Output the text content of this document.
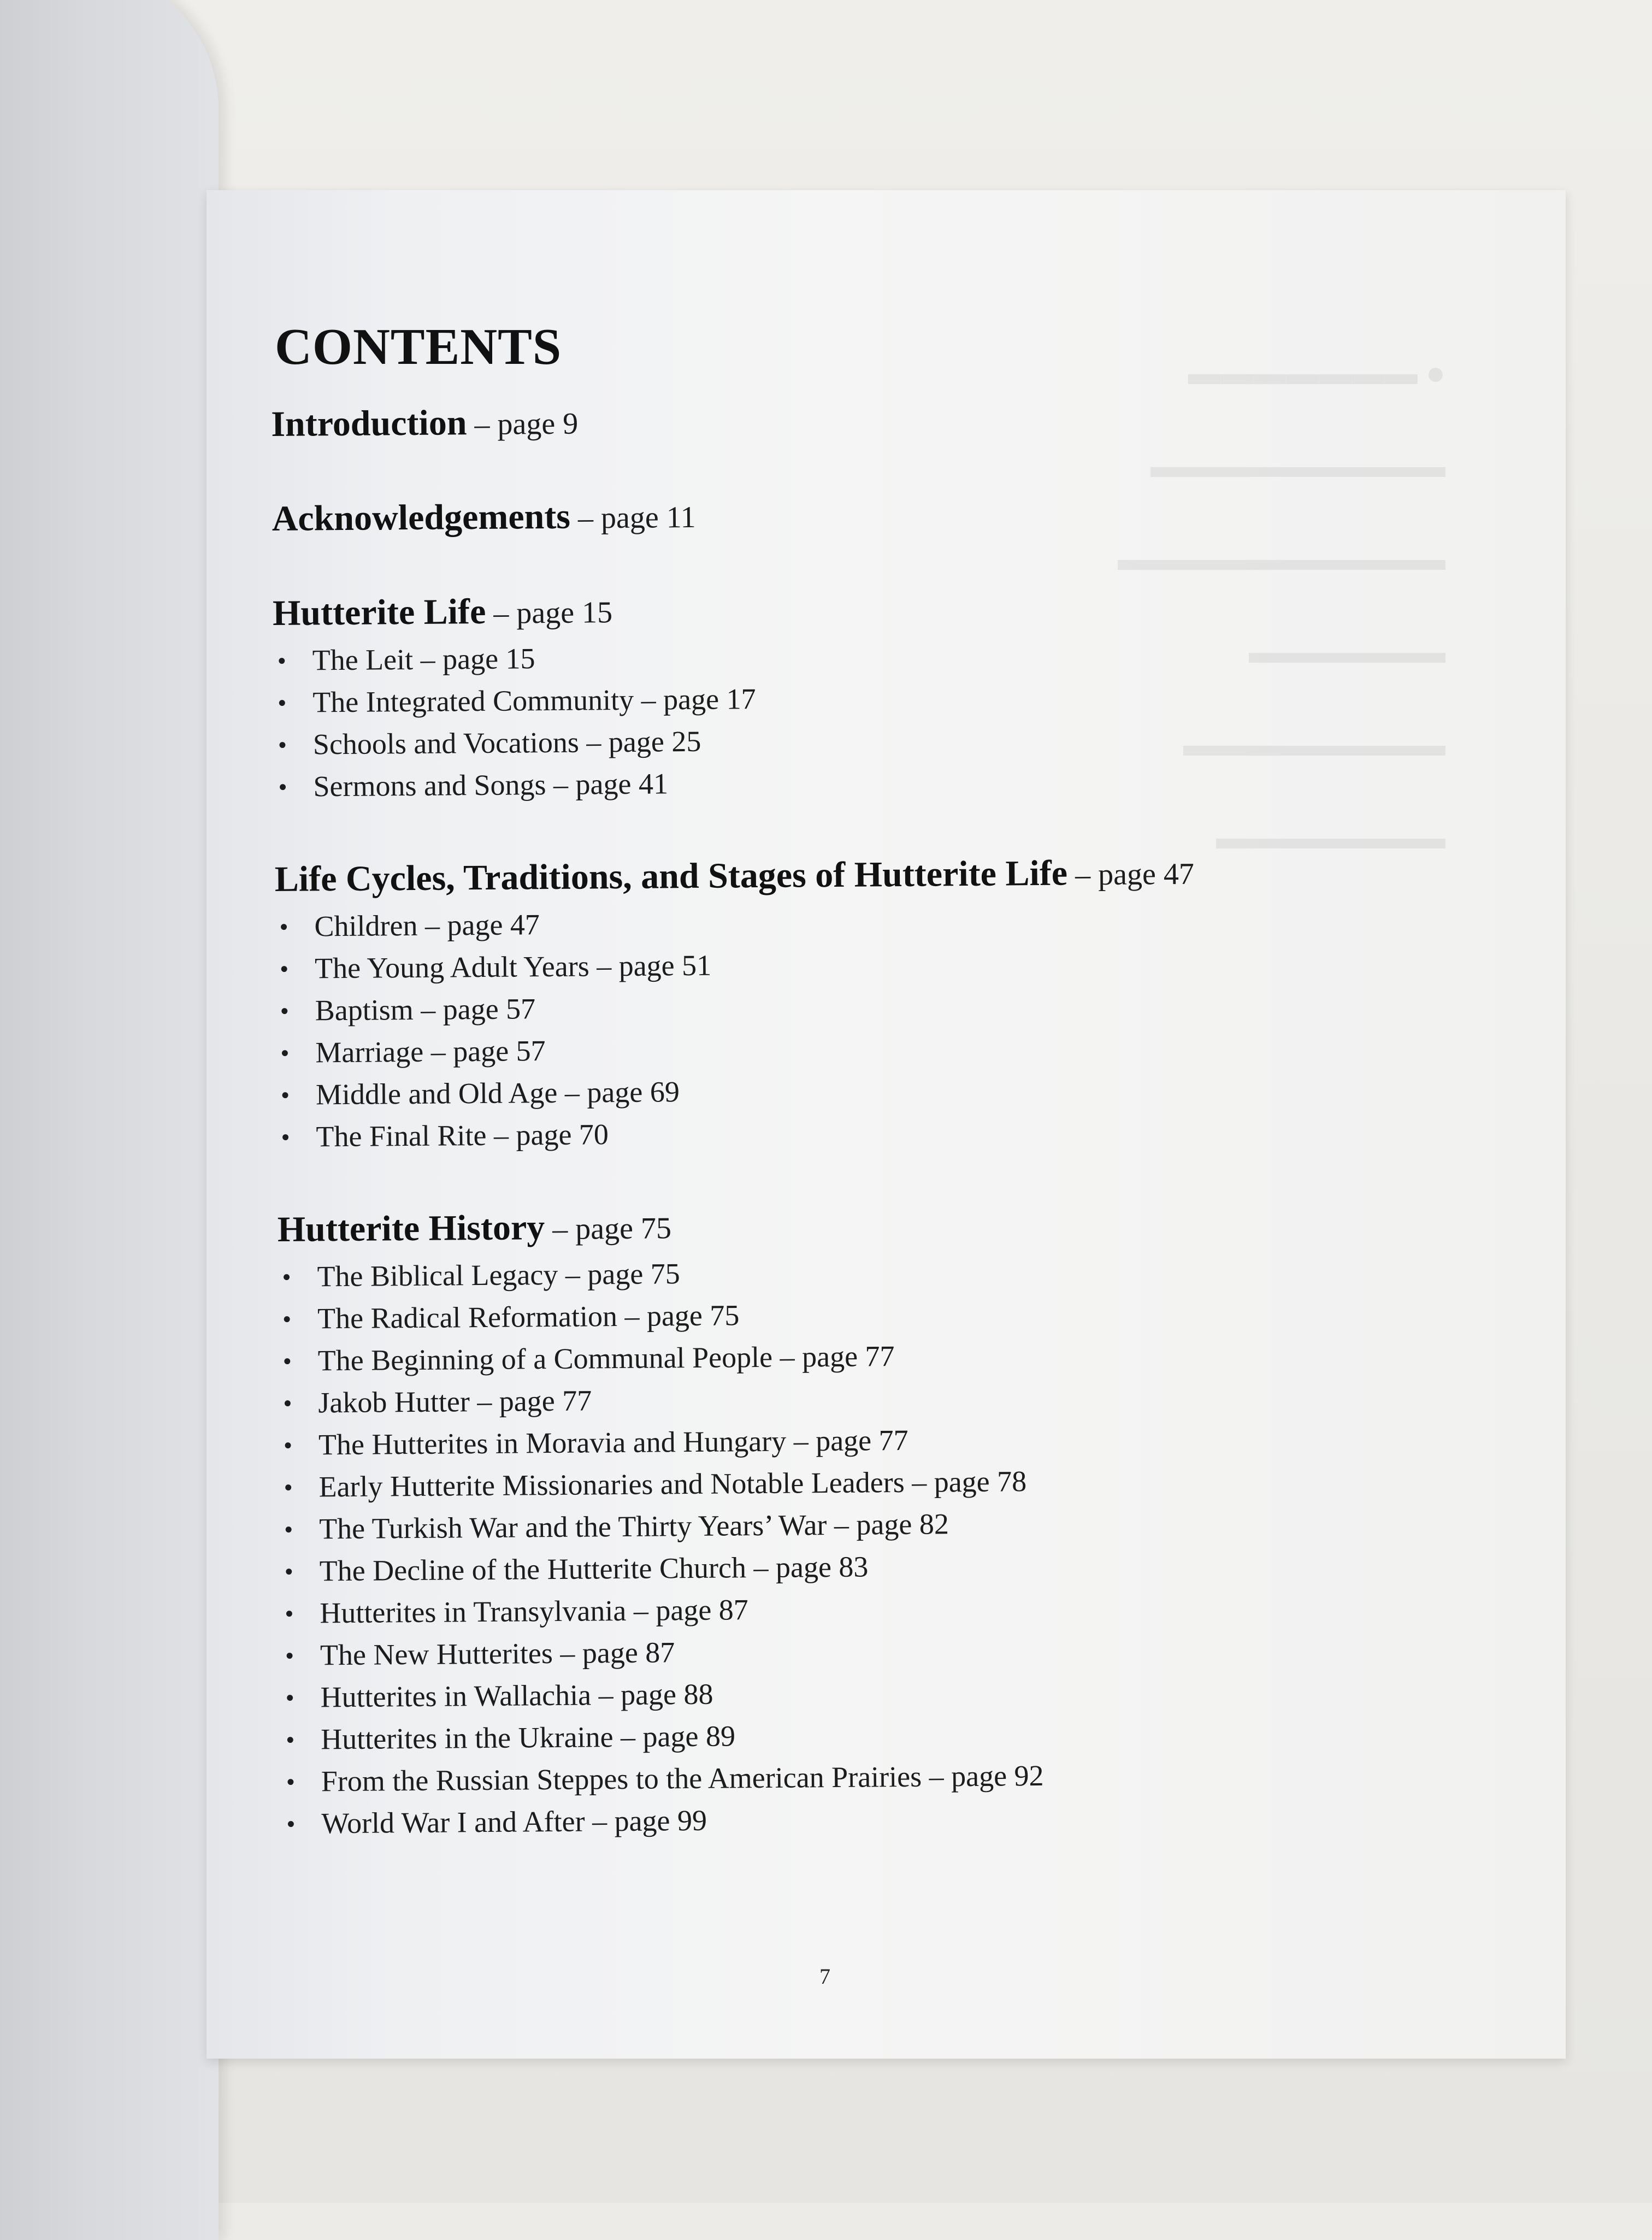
● ▬▬▬▬▬▬▬
▬▬▬▬▬▬▬▬▬
▬▬▬▬▬▬▬▬▬▬
▬▬▬▬▬▬
▬▬▬▬▬▬▬▬
▬▬▬▬▬▬▬
CONTENTS
Introduction – page 9
Acknowledgements – page 11
Hutterite Life – page 15
• The Leit – page 15
• The Integrated Community – page 17
• Schools and Vocations – page 25
• Sermons and Songs – page 41
Life Cycles, Traditions, and Stages of Hutterite Life – page 47
• Children – page 47
• The Young Adult Years – page 51
• Baptism – page 57
• Marriage – page 57
• Middle and Old Age – page 69
• The Final Rite – page 70
Hutterite History – page 75
• The Biblical Legacy – page 75
• The Radical Reformation – page 75
• The Beginning of a Communal People – page 77
• Jakob Hutter – page 77
• The Hutterites in Moravia and Hungary – page 77
• Early Hutterite Missionaries and Notable Leaders – page 78
• The Turkish War and the Thirty Years’ War – page 82
• The Decline of the Hutterite Church – page 83
• Hutterites in Transylvania – page 87
• The New Hutterites – page 87
• Hutterites in Wallachia – page 88
• Hutterites in the Ukraine – page 89
• From the Russian Steppes to the American Prairies – page 92
• World War I and After – page 99
7
